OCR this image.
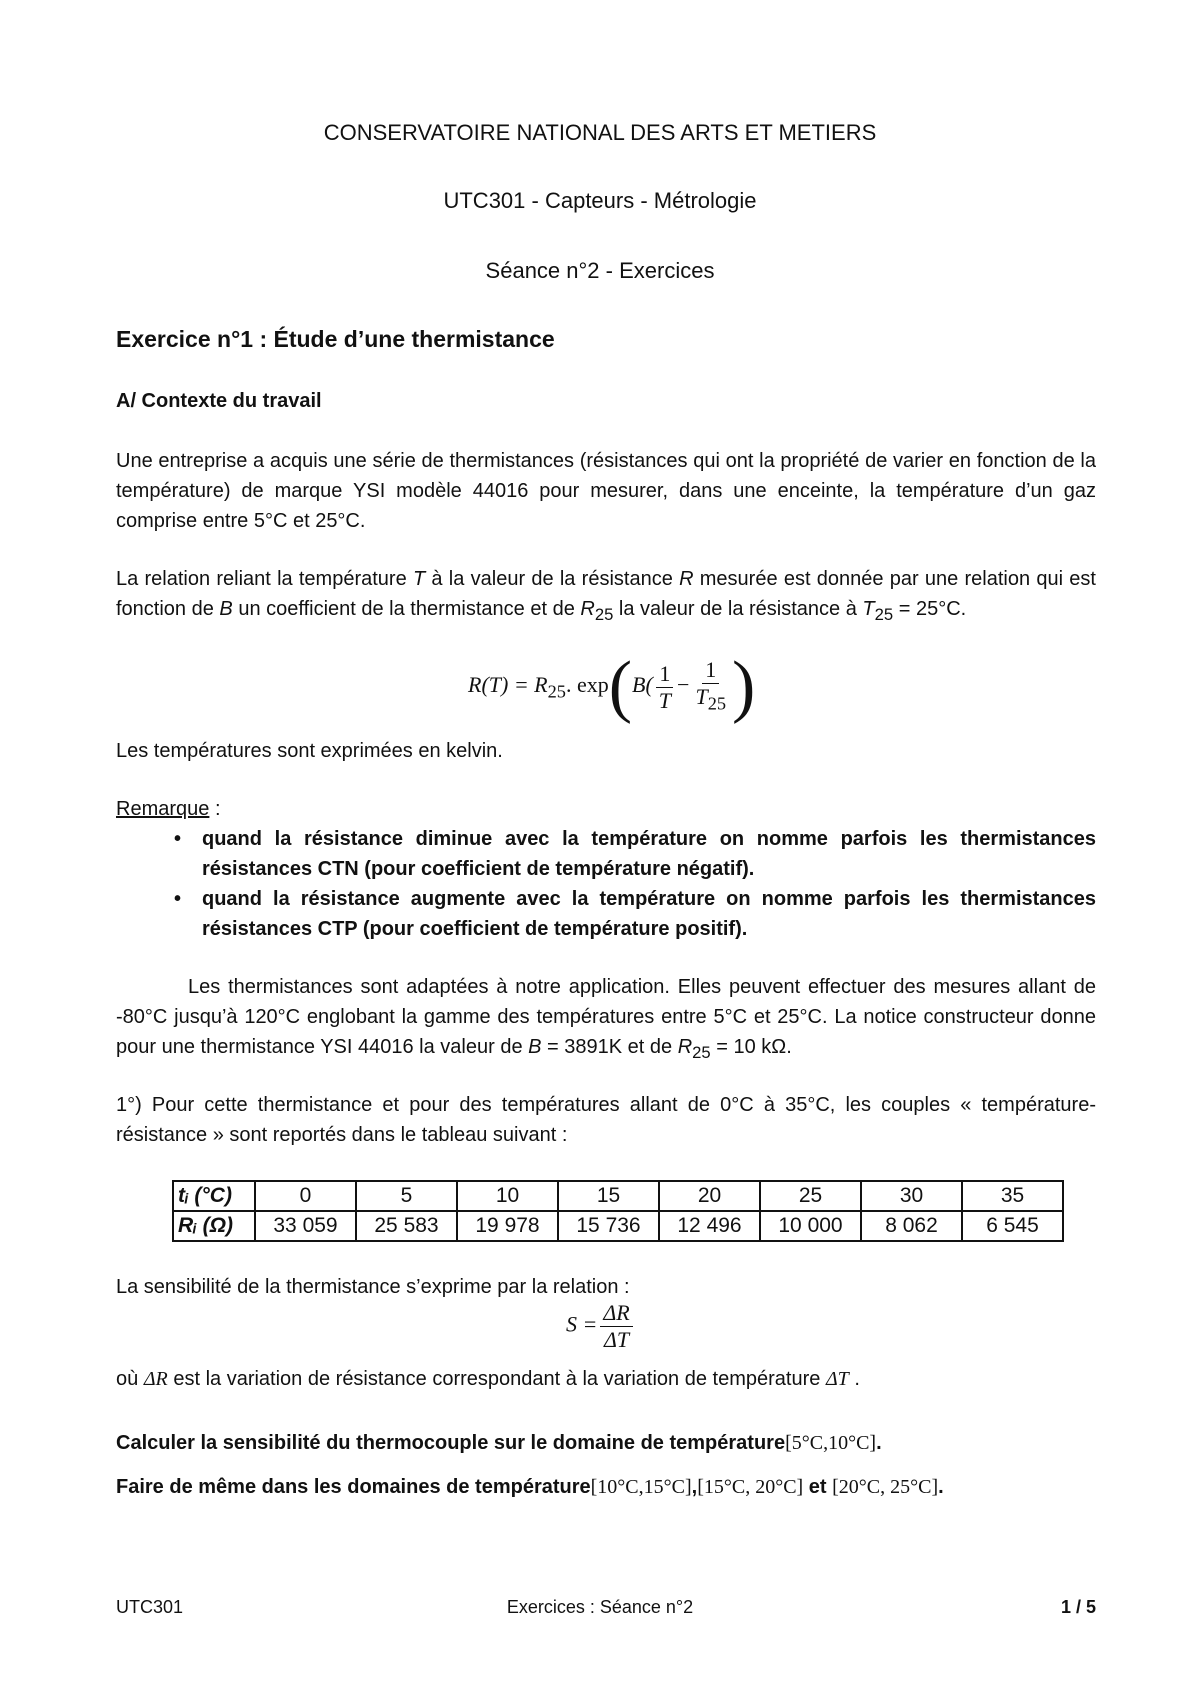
CONSERVATOIRE NATIONAL DES ARTS ET METIERS
UTC301 - Capteurs - Métrologie
Séance n°2 - Exercices
Exercice n°1 : Étude d’une thermistance
A/ Contexte du travail
Une entreprise a acquis une série de thermistances (résistances qui ont la propriété de varier en fonction de la température) de marque YSI modèle 44016 pour mesurer, dans une enceinte, la température d’un gaz comprise entre 5°C et 25°C.
La relation reliant la température T à la valeur de la résistance R mesurée est donnée par une relation qui est fonction de B un coefficient de la thermistance et de $R_{25}$ la valeur de la résistance à $T_{25} = 25^\circ C$.
$R(T) = R_{25}$. $\exp(B( \frac{1}{T} - \frac{1}{T_{25}}$ )
Les températures sont exprimées en kelvin.
Remarque :
• quand la résistance diminue avec la température on nomme parfois les thermistances résistances CTN (pour coefficient de température négatif).
• quand la résistance augmente avec la température on nomme parfois les thermistances résistances CTP (pour coefficient de température positif).
Les thermistances sont adaptées à notre application. Elles peuvent effectuer des mesures allant de -80°C jusqu’à 120°C englobant la gamme des températures entre 5°C et 25°C. La notice constructeur donne pour une thermistance YSI 44016 la valeur de B = 3891K et de $R_{25} = 10$ kΩ.
1°) Pour cette thermistance et pour des températures allant de 0°C à 35°C, les couples « température-résistance » sont reportés dans le tableau suivant :
tᵢ (°C)	0	5	10	15	20	25	30	35
Rᵢ (Ω)	33 059	25 583	19 978	15 736	12 496	10 000	8 062	6 545
La sensibilité de la thermistance s’exprime par la relation :
$S = \frac{\Delta R}{\Delta T}$
où ΔR est la variation de résistance correspondant à la variation de température ΔT .
Calculer la sensibilité du thermocouple sur le domaine de température[5°C,10°C].
Faire de même dans les domaines de température[10°C,15°C],[15°C, 20°C] et [20°C, 25°C].
UTC301	Exercices : Séance n°2	1 / 5
